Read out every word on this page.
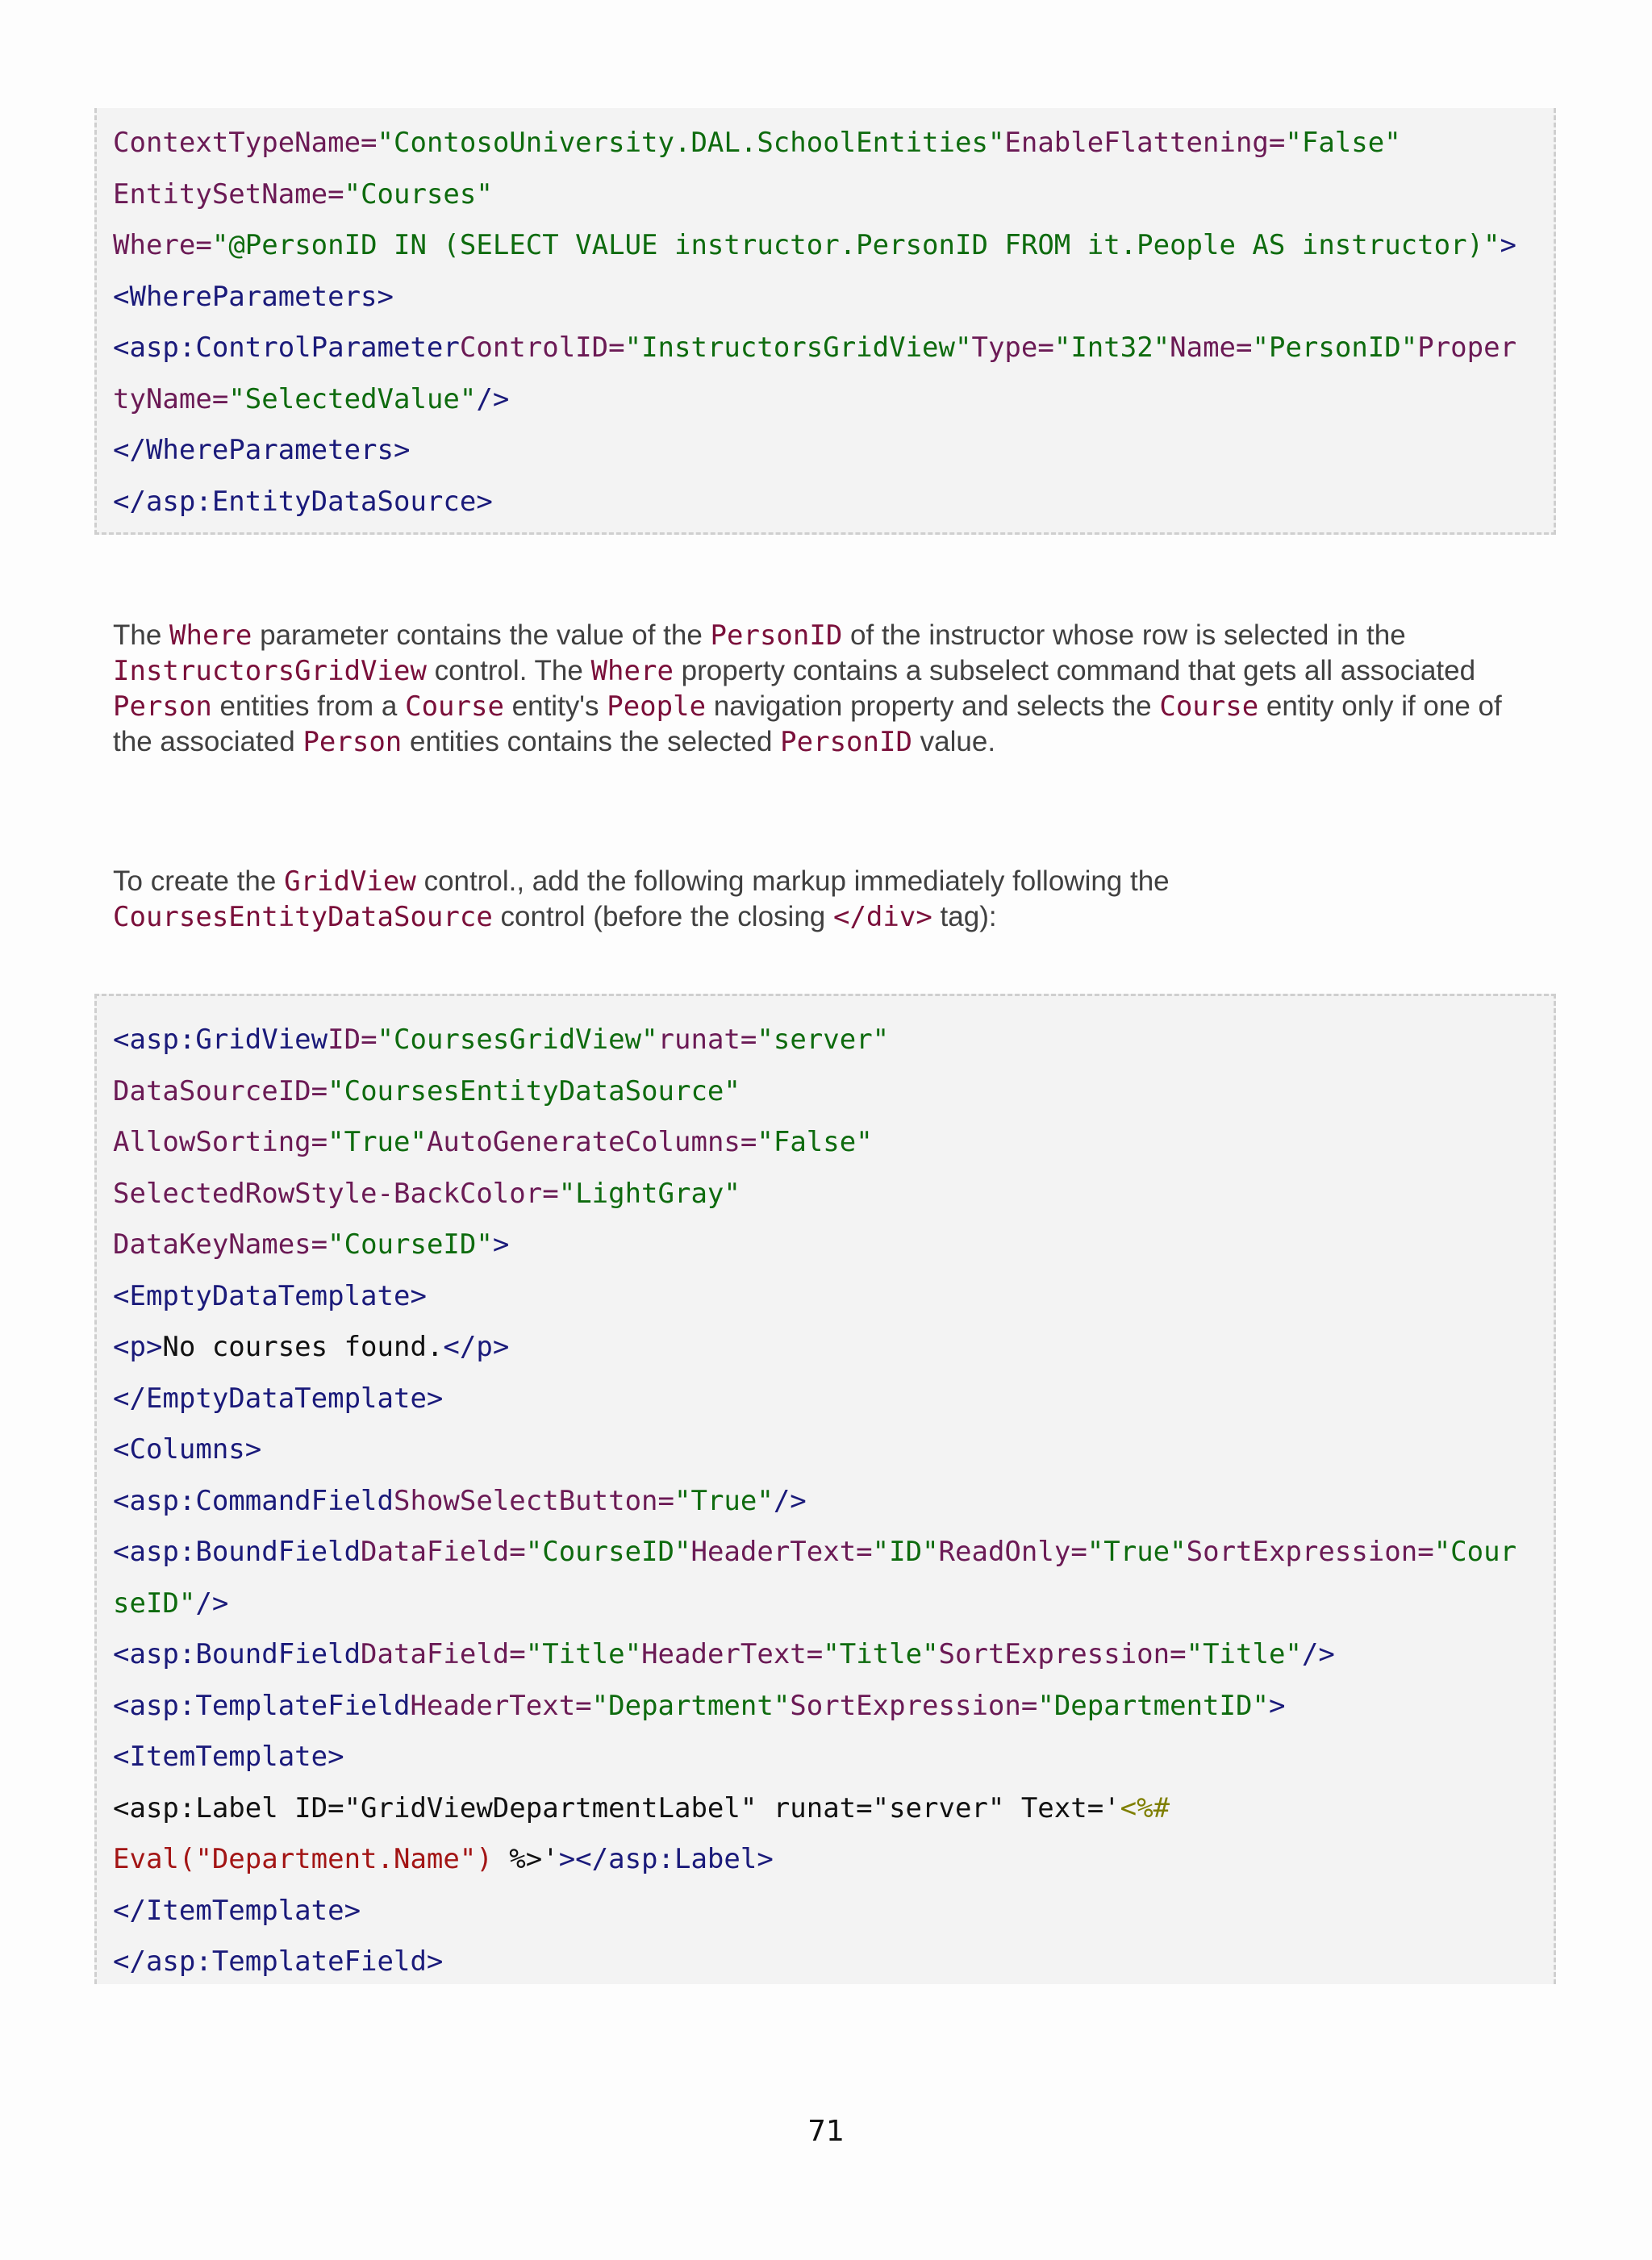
ContextTypeName="ContosoUniversity.DAL.SchoolEntities"EnableFlattening="False"
EntitySetName="Courses"
Where="@PersonID IN (SELECT VALUE instructor.PersonID FROM it.People AS instructor)">
<WhereParameters>
<asp:ControlParameterControlID="InstructorsGridView"Type="Int32"Name="PersonID"Proper
tyName="SelectedValue"/>
</WhereParameters>
</asp:EntityDataSource>

The Where parameter contains the value of the PersonID of the instructor whose row is selected in the
InstructorsGridView control. The Where property contains a subselect command that gets all associated
Person entities from a Course entity's People navigation property and selects the Course entity only if one of the associated Person entities contains the selected PersonID value.

To create the GridView control., add the following markup immediately following the
CoursesEntityDataSource control (before the closing </div> tag):

<asp:GridViewID="CoursesGridView"runat="server"
DataSourceID="CoursesEntityDataSource"
AllowSorting="True"AutoGenerateColumns="False"
SelectedRowStyle-BackColor="LightGray"
DataKeyNames="CourseID">
<EmptyDataTemplate>
<p>No courses found.</p>
</EmptyDataTemplate>
<Columns>
<asp:CommandFieldShowSelectButton="True"/>
<asp:BoundFieldDataField="CourseID"HeaderText="ID"ReadOnly="True"SortExpression="Cour
seID"/>
<asp:BoundFieldDataField="Title"HeaderText="Title"SortExpression="Title"/>
<asp:TemplateFieldHeaderText="Department"SortExpression="DepartmentID">
<ItemTemplate>
<asp:Label ID="GridViewDepartmentLabel" runat="server" Text='<%#
Eval("Department.Name") %>'></asp:Label>
</ItemTemplate>
</asp:TemplateField>
71
